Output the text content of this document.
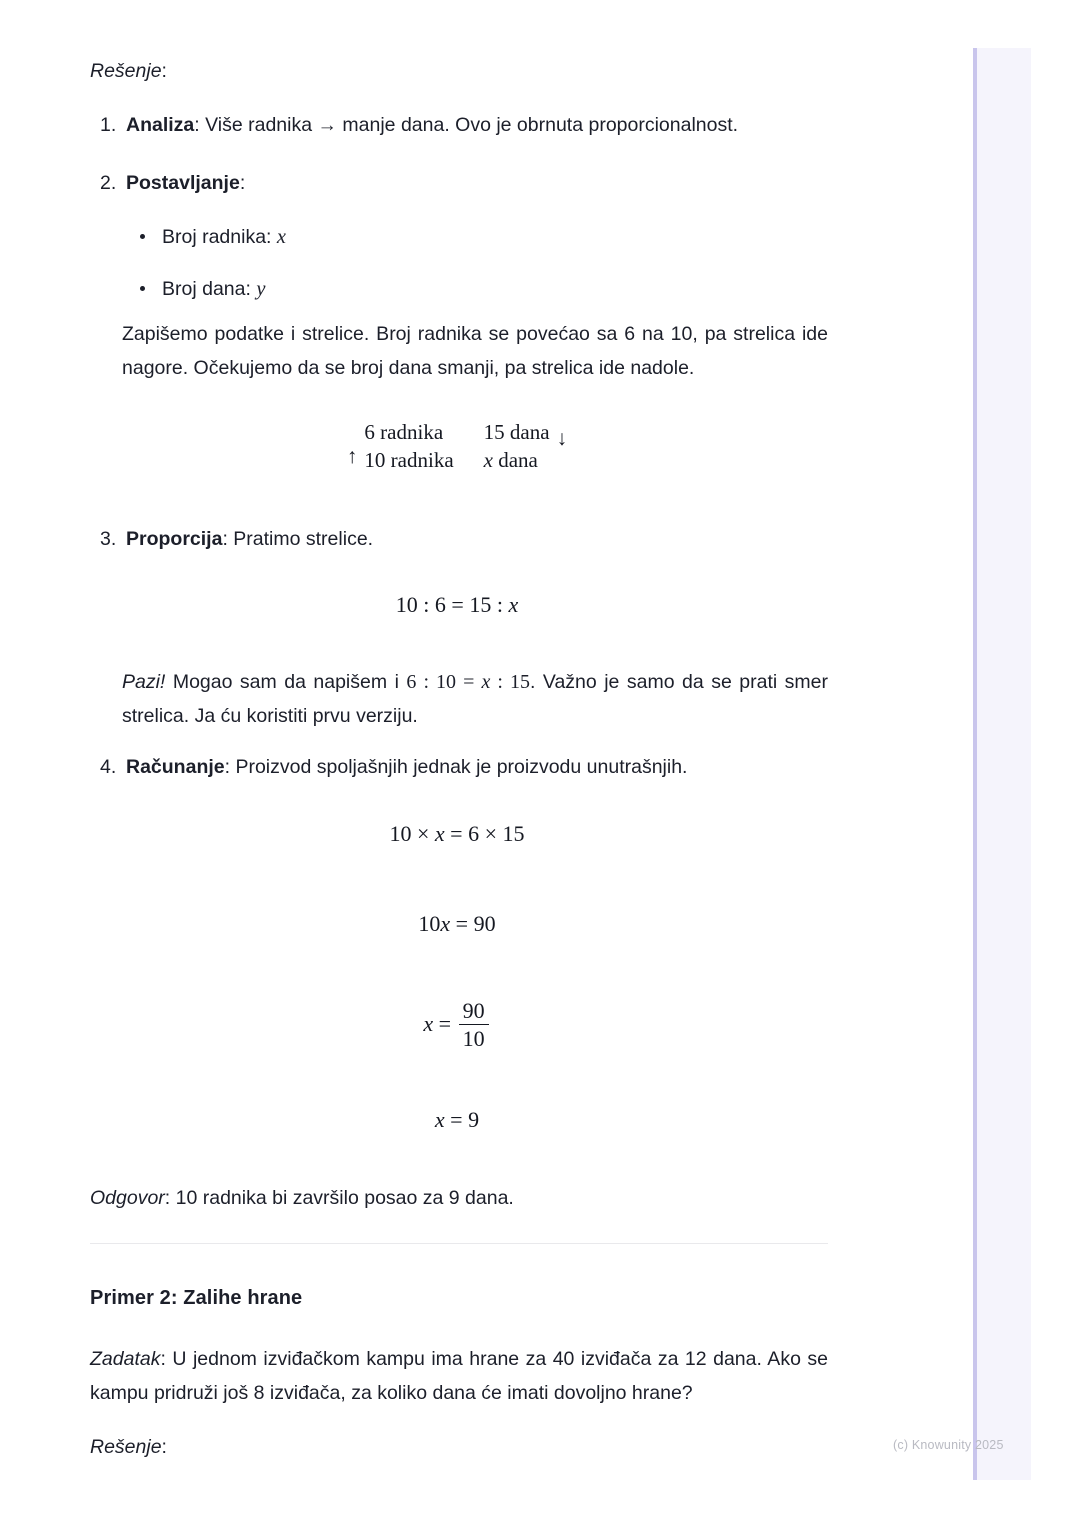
Rešenje:
1. Analiza: Više radnika → manje dana. Ovo je obrnuta proporcionalnost.
2. Postavljanje:
Broj radnika: x
Broj dana: y
Zapišemo podatke i strelice. Broj radnika se povećao sa 6 na 10, pa strelica ide nagore. Očekujemo da se broj dana smanji, pa strelica ide nadole.
↑
6 radnika	15 dana
10 radnika x dana
↓
3. Proporcija: Pratimo strelice.
10 : 6 = 15 : x
Pazi! Mogao sam da napišem i 6 : 10 = x : 15. Važno je samo da se prati smer strelica. Ja ću koristiti prvu verziju.
4. Računanje: Proizvod spoljašnjih jednak je proizvodu unutrašnjih.
10 × x = 6 × 15
10x = 90
$x = \frac{90}{10}$
x = 9
Odgovor: 10 radnika bi završilo posao za 9 dana.
Primer 2: Zalihe hrane
Zadatak: U jednom izviđačkom kampu ima hrane za 40 izviđača za 12 dana. Ako se kampu pridruži još 8 izviđača, za koliko dana će imati dovoljno hrane?
Rešenje:	(c) Knowunity 2025
